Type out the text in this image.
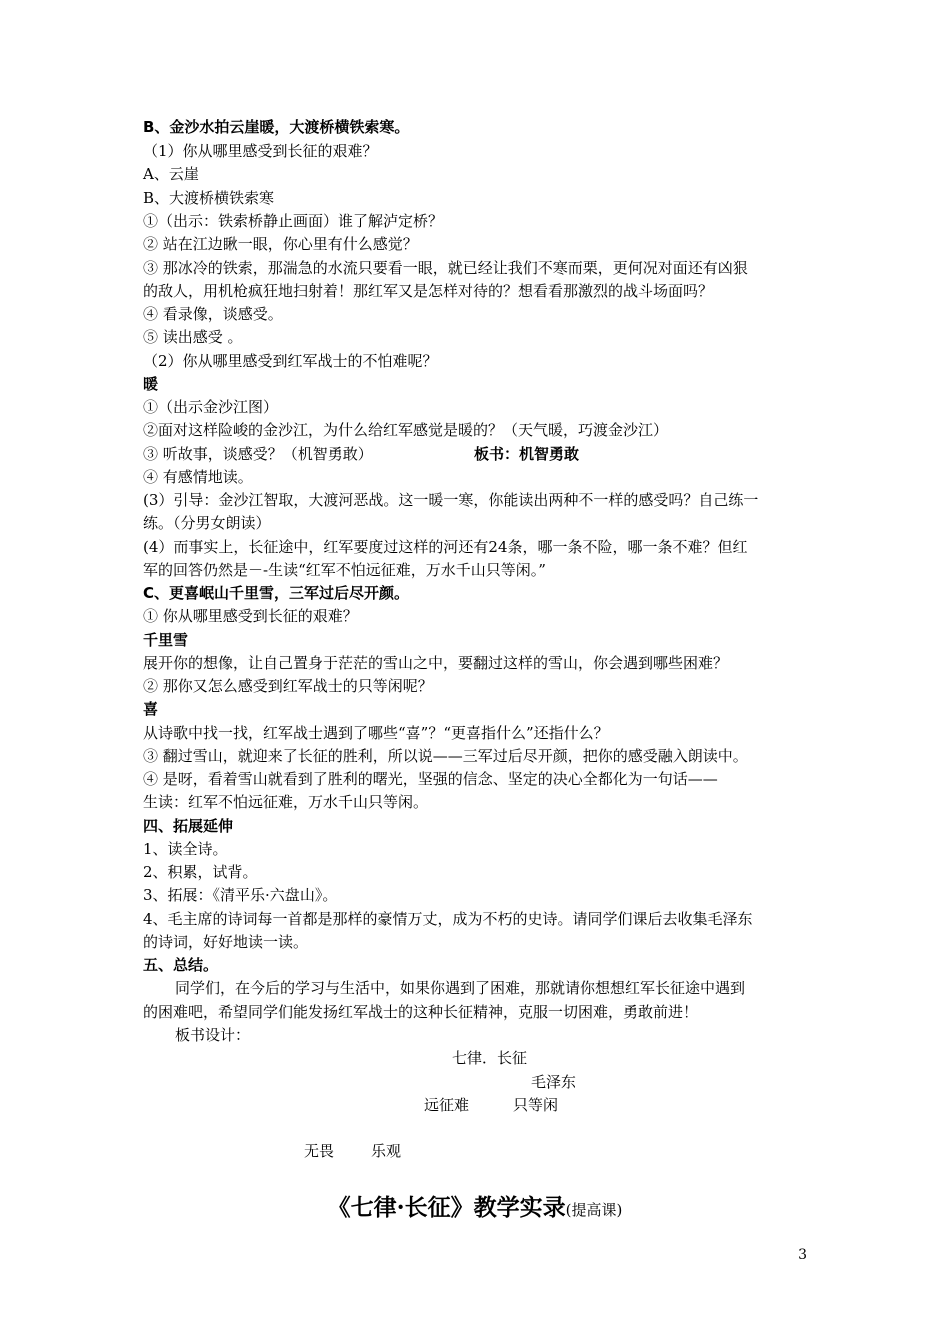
B、金沙水拍云崖暖，大渡桥横铁索寒。
（1）你从哪里感受到长征的艰难？
A、云崖
B、大渡桥横铁索寒
①（出示：铁索桥静止画面）谁了解泸定桥？
② 站在江边瞅一眼，你心里有什么感觉？
③ 那冰冷的铁索，那湍急的水流只要看一眼，就已经让我们不寒而栗，更何况对面还有凶狠
的敌人，用机枪疯狂地扫射着！那红军又是怎样对待的？想看看那激烈的战斗场面吗？
④ 看录像，谈感受。
⑤ 读出感受 。
（2）你从哪里感受到红军战士的不怕难呢？
暖
①（出示金沙江图）
②面对这样险峻的金沙江，为什么给红军感觉是暖的？（天气暖，巧渡金沙江）
③ 听故事，谈感受？（机智勇敢）	板书：机智勇敢
④ 有感情地读。
(3）引导：金沙江智取，大渡河恶战。这一暖一寒，你能读出两种不一样的感受吗？自己练一
练。（分男女朗读）
(4）而事实上，长征途中，红军要度过这样的河还有24条，哪一条不险，哪一条不难？但红
军的回答仍然是－-生读“红军不怕远征难，万水千山只等闲。”
C、更喜岷山千里雪，三军过后尽开颜。
① 你从哪里感受到长征的艰难？
千里雪
展开你的想像，让自己置身于茫茫的雪山之中，要翻过这样的雪山，你会遇到哪些困难？
② 那你又怎么感受到红军战士的只等闲呢？
喜
从诗歌中找一找，红军战士遇到了哪些“喜”？“更喜指什么”还指什么？
③ 翻过雪山，就迎来了长征的胜利，所以说——三军过后尽开颜，把你的感受融入朗读中。
④ 是呀，看着雪山就看到了胜利的曙光，坚强的信念、坚定的决心全都化为一句话——
生读：红军不怕远征难，万水千山只等闲。
四、拓展延伸
1、读全诗。
2、积累，试背。
3、拓展：《清平乐·六盘山》。
4、毛主席的诗词每一首都是那样的豪情万丈，成为不朽的史诗。请同学们课后去收集毛泽东
的诗词，好好地读一读。
五、总结。
同学们，在今后的学习与生活中，如果你遇到了困难，那就请你想想红军长征途中遇到
的困难吧，希望同学们能发扬红军战士的这种长征精神，克服一切困难，勇敢前进！
板书设计：
七律．长征
毛泽东
远征难	只等闲
无畏 乐观
《七律·长征》教学实录(提高课)
3
